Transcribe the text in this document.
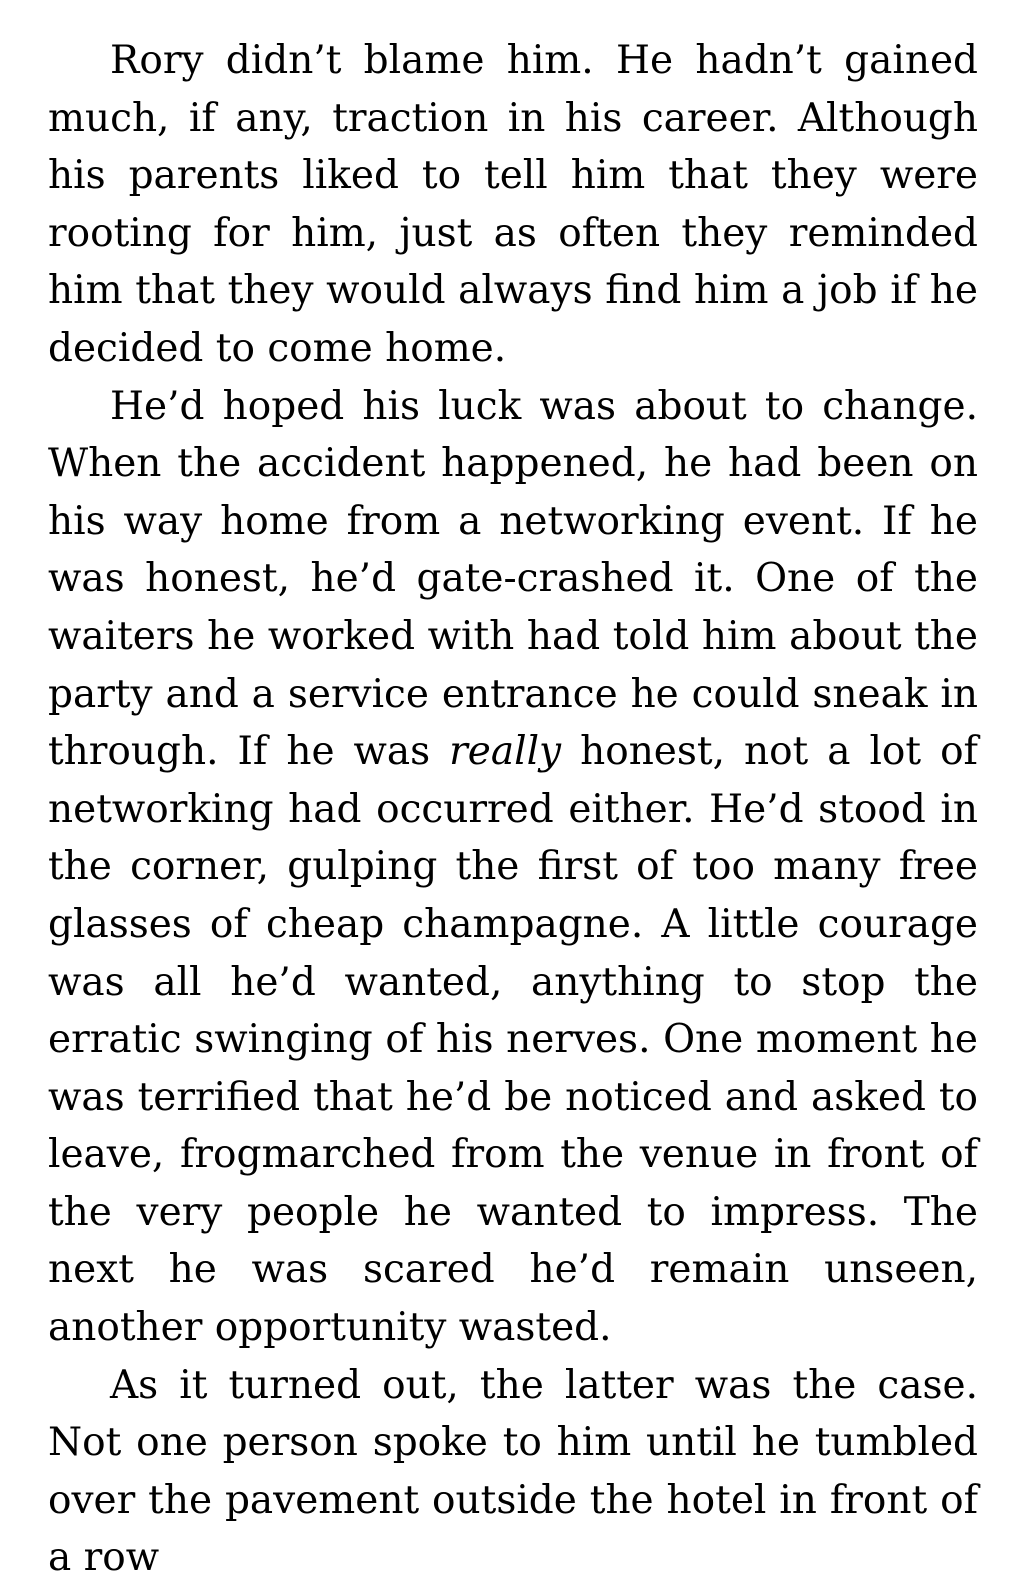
Rory didn’t blame him. He hadn’t gained much, if any, traction in his career. Although his parents liked to tell him that they were rooting for him, just as often they reminded him that they would always find him a job if he decided to come home.

He’d hoped his luck was about to change. When the accident happened, he had been on his way home from a networking event. If he was honest, he’d gate-crashed it. One of the waiters he worked with had told him about the party and a service entrance he could sneak in through. If he was really honest, not a lot of networking had occurred either. He’d stood in the corner, gulping the first of too many free glasses of cheap champagne. A little courage was all he’d wanted, anything to stop the erratic swinging of his nerves. One moment he was terrified that he’d be noticed and asked to leave, frogmarched from the venue in front of the very people he wanted to impress. The next he was scared he’d remain unseen, another opportunity wasted.

As it turned out, the latter was the case. Not one person spoke to him until he tumbled over the pavement outside the hotel in front of a row
